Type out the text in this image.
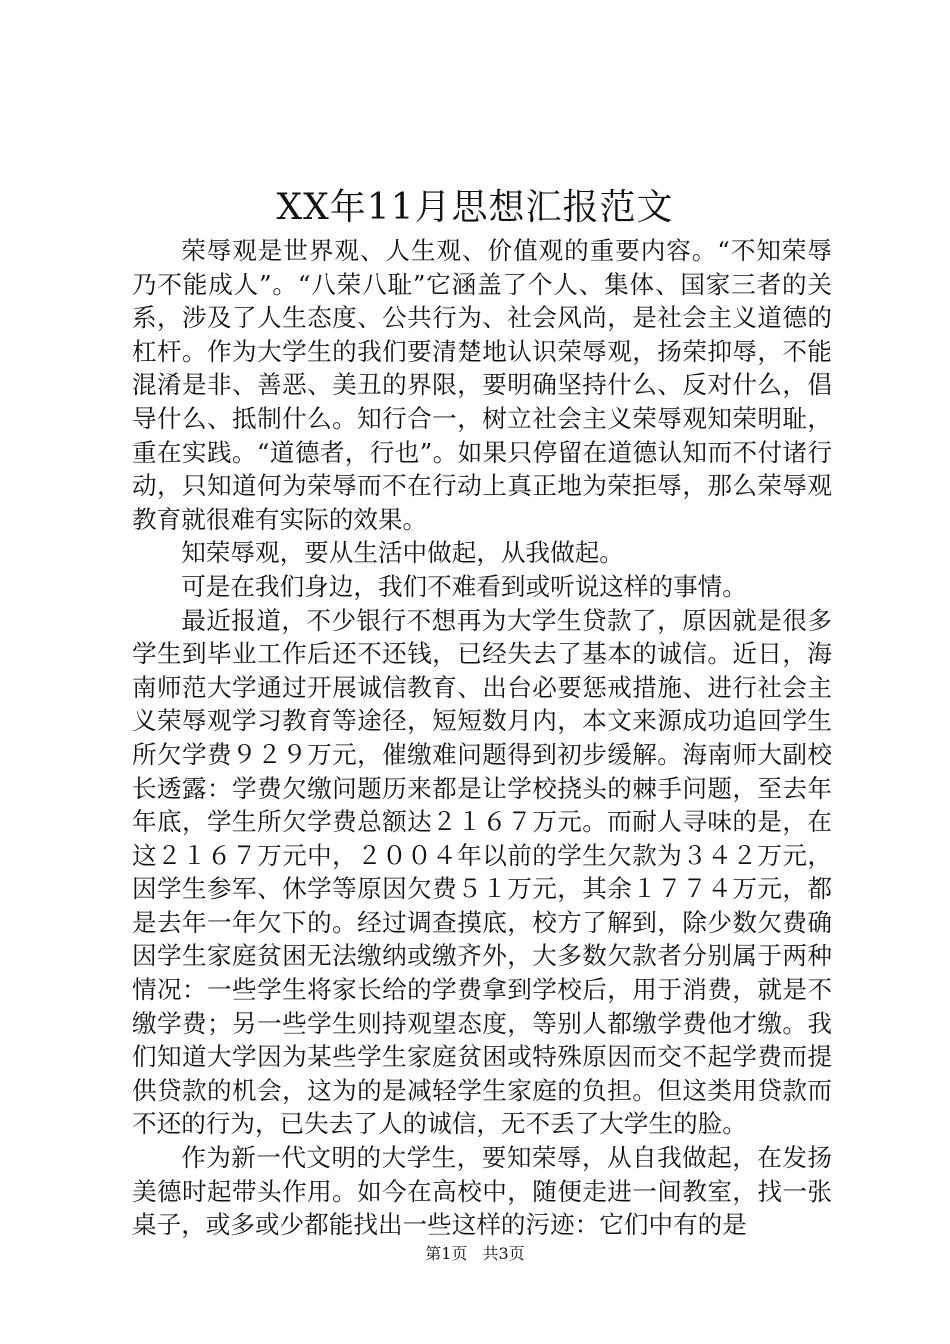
XX年11月思想汇报范文

荣辱观是世界观、人生观、价值观的重要内容。“不知荣辱乃不能成人”。“八荣八耻”它涵盖了个人、集体、国家三者的关系，涉及了人生态度、公共行为、社会风尚，是社会主义道德的杠杆。作为大学生的我们要清楚地认识荣辱观，扬荣抑辱，不能混淆是非、善恶、美丑的界限，要明确坚持什么、反对什么，倡导什么、抵制什么。知行合一，树立社会主义荣辱观知荣明耻，重在实践。“道德者，行也”。如果只停留在道德认知而不付诸行动，只知道何为荣辱而不在行动上真正地为荣拒辱，那么荣辱观教育就很难有实际的效果。

知荣辱观，要从生活中做起，从我做起。

可是在我们身边，我们不难看到或听说这样的事情。

最近报道，不少银行不想再为大学生贷款了，原因就是很多学生到毕业工作后还不还钱，已经失去了基本的诚信。近日，海南师范大学通过开展诚信教育、出台必要惩戒措施、进行社会主义荣辱观学习教育等途径，短短数月内，本文来源成功追回学生所欠学费９２９万元，催缴难问题得到初步缓解。海南师大副校长透露：学费欠缴问题历来都是让学校挠头的棘手问题，至去年年底，学生所欠学费总额达２１６７万元。而耐人寻味的是，在这２１６７万元中，２００４年以前的学生欠款为３４２万元，因学生参军、休学等原因欠费５１万元，其余１７７４万元，都是去年一年欠下的。经过调查摸底，校方了解到，除少数欠费确因学生家庭贫困无法缴纳或缴齐外，大多数欠款者分别属于两种情况：一些学生将家长给的学费拿到学校后，用于消费，就是不缴学费；另一些学生则持观望态度，等别人都缴学费他才缴。我们知道大学因为某些学生家庭贫困或特殊原因而交不起学费而提供贷款的机会，这为的是减轻学生家庭的负担。但这类用贷款而不还的行为，已失去了人的诚信，无不丢了大学生的脸。

作为新一代文明的大学生，要知荣辱，从自我做起，在发扬美德时起带头作用。如今在高校中，随便走进一间教室，找一张桌子，或多或少都能找出一些这样的污迹：它们中有的是

第1页 共3页
